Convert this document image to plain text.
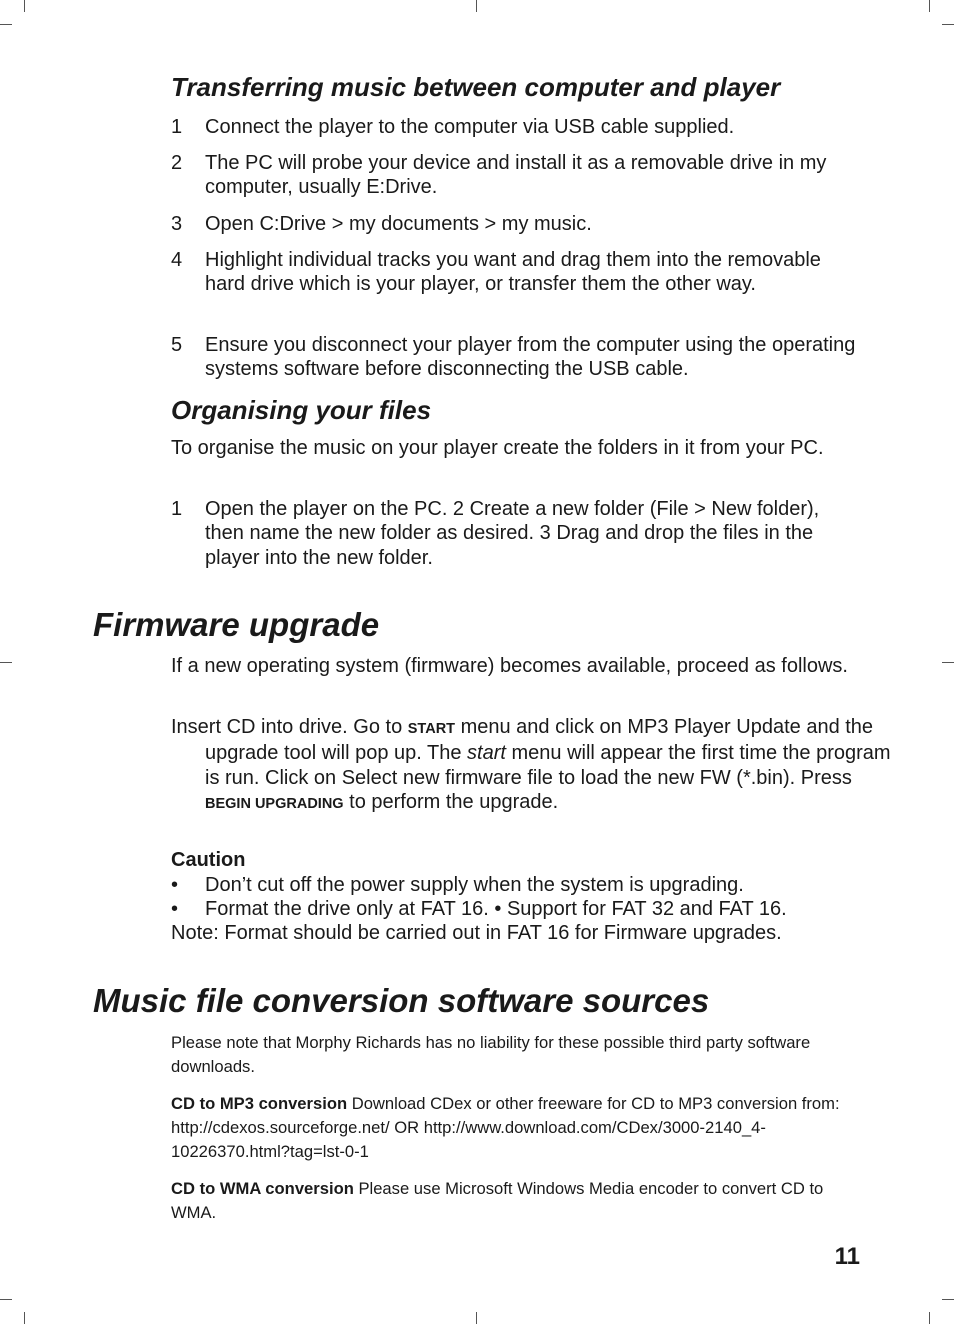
Transferring music between computer and player
1	Connect the player to the computer via USB cable supplied.
2	The PC will probe your device and install it as a removable drive in my computer, usually E:Drive.
3	Open C:Drive > my documents > my music.
4	Highlight individual tracks you want and drag them into the removable hard drive which is your player, or transfer them the other way.
5	Ensure you disconnect your player from the computer using the operating systems software before disconnecting the USB cable.
Organising your files
To organise the music on your player create the folders in it from your PC.
1	Open the player on the PC. 2 Create a new folder (File > New folder), then name the new folder as desired. 3 Drag and drop the files in the player into the new folder.
Firmware upgrade
If a new operating system (firmware) becomes available, proceed as follows.
Insert CD into drive. Go to START menu and click on MP3 Player Update and the upgrade tool will pop up. The start menu will appear the first time the program is run. Click on Select new firmware file to load the new FW (*.bin). Press BEGIN UPGRADING to perform the upgrade.
Caution
•	Don’t cut off the power supply when the system is upgrading.
•	Format the drive only at FAT 16. • Support for FAT 32 and FAT 16.
Note: Format should be carried out in FAT 16 for Firmware upgrades.
Music file conversion software sources
Please note that Morphy Richards has no liability for these possible third party software downloads.
CD to MP3 conversion Download CDex or other freeware for CD to MP3 conversion from: http://cdexos.sourceforge.net/ OR http://www.download.com/CDex/3000-2140_4-10226370.html?tag=lst-0-1
CD to WMA conversion Please use Microsoft Windows Media encoder to convert CD to WMA.
11
